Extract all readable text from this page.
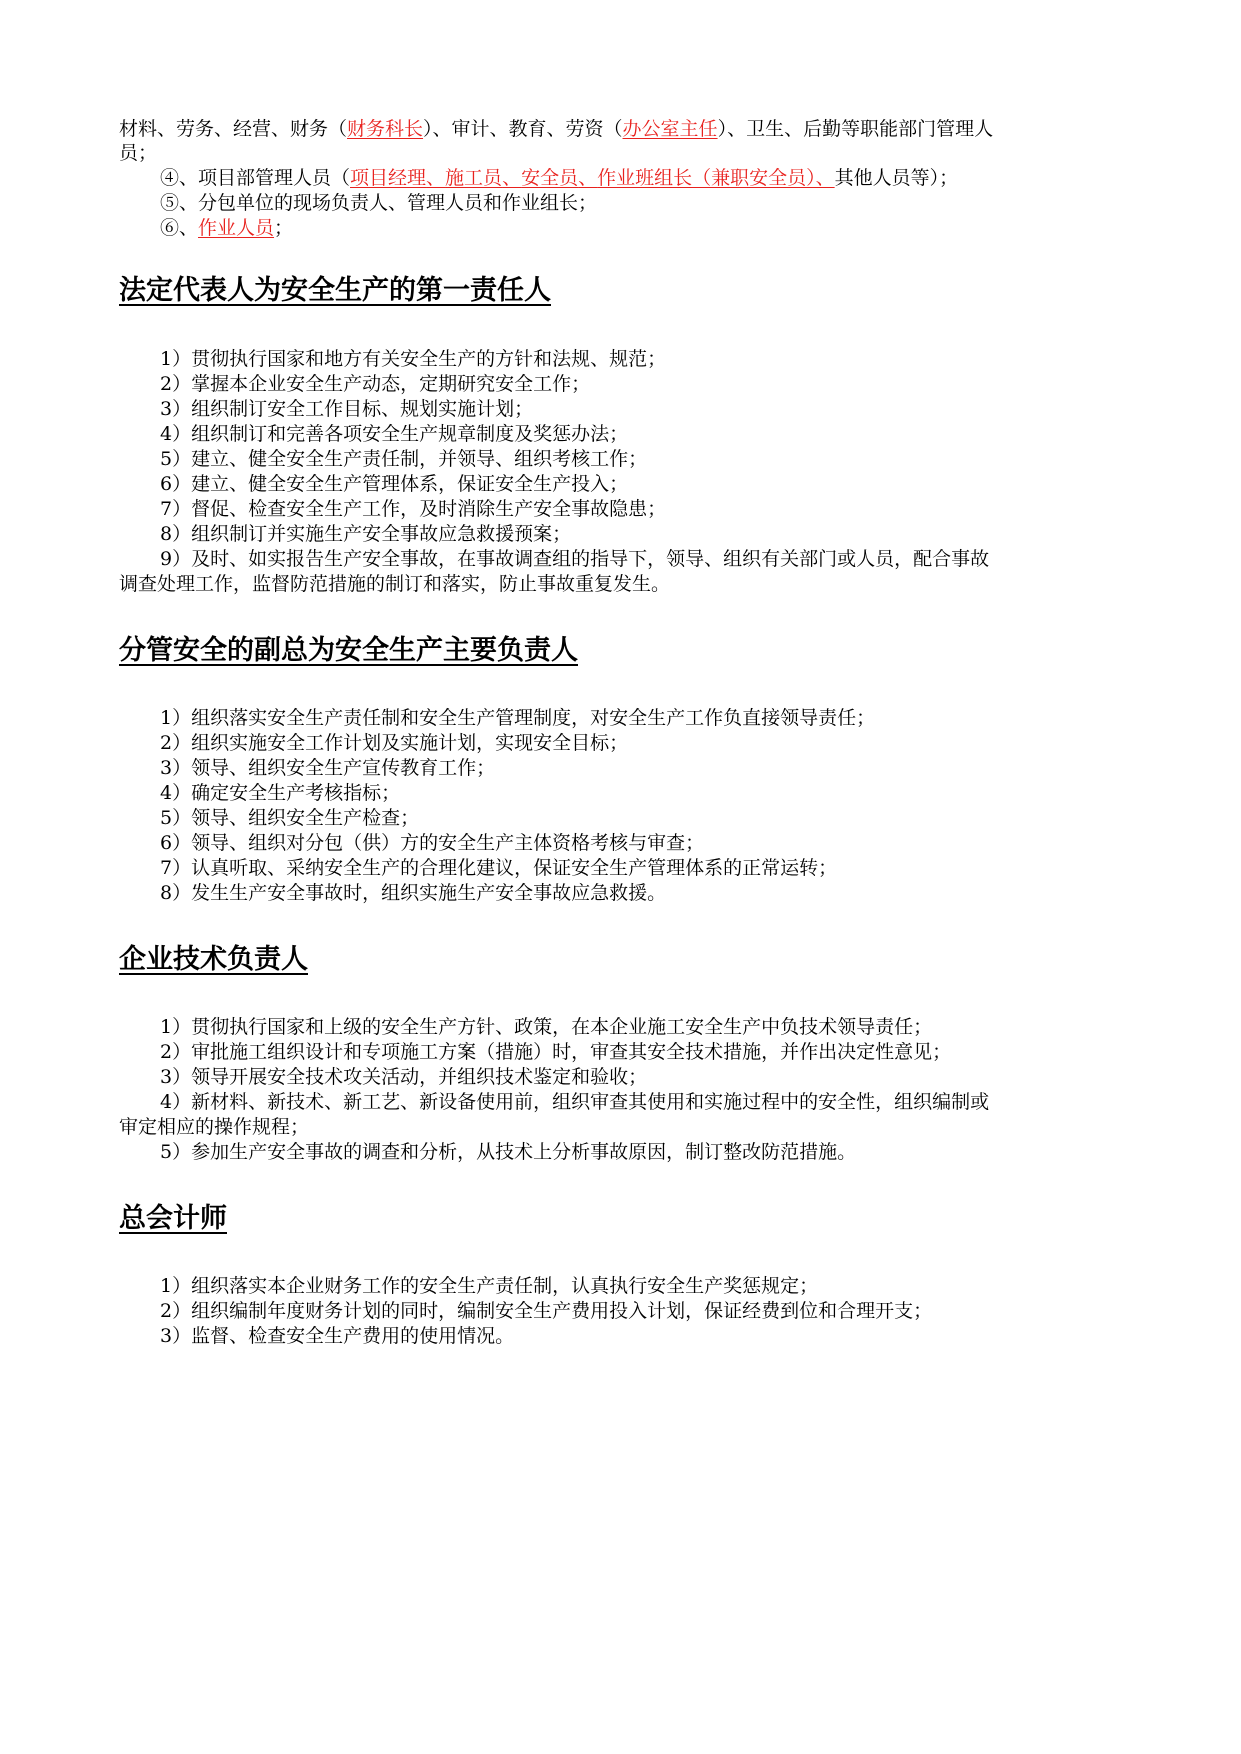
材料、劳务、经营、财务（财务科长）、审计、教育、劳资（办公室主任）、卫生、后勤等职能部门管理人
员；
④、项目部管理人员（项目经理、施工员、安全员、作业班组长（兼职安全员）、其他人员等）；
⑤、分包单位的现场负责人、管理人员和作业组长；
⑥、作业人员；
法定代表人为安全生产的第一责任人
1）贯彻执行国家和地方有关安全生产的方针和法规、规范；
2）掌握本企业安全生产动态，定期研究安全工作；
3）组织制订安全工作目标、规划实施计划；
4）组织制订和完善各项安全生产规章制度及奖惩办法；
5）建立、健全安全生产责任制，并领导、组织考核工作；
6）建立、健全安全生产管理体系，保证安全生产投入；
7）督促、检查安全生产工作，及时消除生产安全事故隐患；
8）组织制订并实施生产安全事故应急救援预案；
9）及时、如实报告生产安全事故，在事故调查组的指导下，领导、组织有关部门或人员，配合事故
调查处理工作，监督防范措施的制订和落实，防止事故重复发生。
分管安全的副总为安全生产主要负责人
1）组织落实安全生产责任制和安全生产管理制度，对安全生产工作负直接领导责任；
2）组织实施安全工作计划及实施计划，实现安全目标；
3）领导、组织安全生产宣传教育工作；
4）确定安全生产考核指标；
5）领导、组织安全生产检查；
6）领导、组织对分包（供）方的安全生产主体资格考核与审查；
7）认真听取、采纳安全生产的合理化建议，保证安全生产管理体系的正常运转；
8）发生生产安全事故时，组织实施生产安全事故应急救援。
企业技术负责人
1）贯彻执行国家和上级的安全生产方针、政策，在本企业施工安全生产中负技术领导责任；
2）审批施工组织设计和专项施工方案（措施）时，审查其安全技术措施，并作出决定性意见；
3）领导开展安全技术攻关活动，并组织技术鉴定和验收；
4）新材料、新技术、新工艺、新设备使用前，组织审查其使用和实施过程中的安全性，组织编制或
审定相应的操作规程；
5）参加生产安全事故的调查和分析，从技术上分析事故原因，制订整改防范措施。
总会计师
1）组织落实本企业财务工作的安全生产责任制，认真执行安全生产奖惩规定；
2）组织编制年度财务计划的同时，编制安全生产费用投入计划，保证经费到位和合理开支；
3）监督、检查安全生产费用的使用情况。
